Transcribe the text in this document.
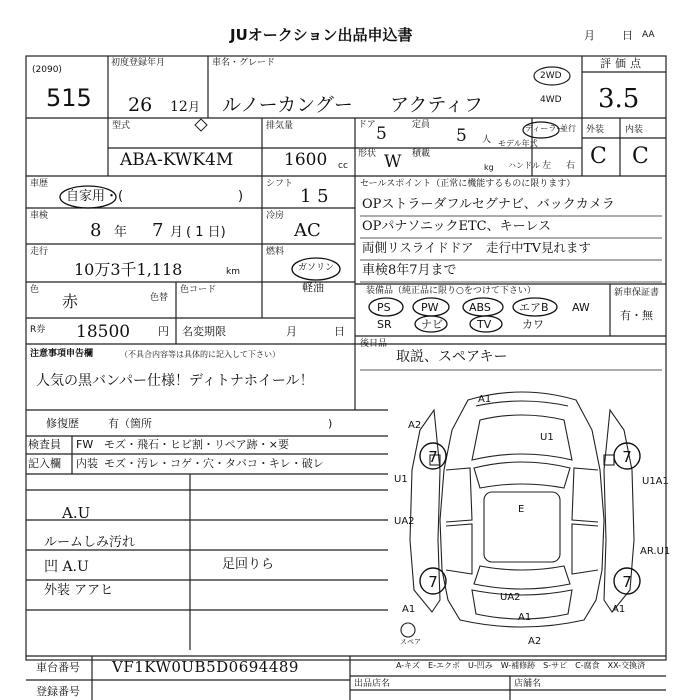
7	7
7	7
A1
A2
U1
U1	U1A1
UA2
E
AR.U1
A1	A1
UA2
A1
A2
スペア
JUオークション出品申込書	月 日 AA
(2090)
515
初度登録年月
26 12 月
車名・グレード
ルノーカングー アクティフ
2WD
4WD
評価点
3.5
型式
ABA-KWK4M
排気量
1600 cc
ドア 5	定員
5 人
ディーラー
並行
モデル年式
形状 W 積載
kg ハンドル 左 右
外装 内装
C C
車歴
自家用・(	)
シフト
1 5
車検
8 年 7 月 ( 1 日)
冷房
AC
走行
10万3千1,118	km
燃料
ガソリン
軽油
色
赤	色替
色コード
R券 18500	円 名変期限	月	日
セールスポイント（正常に機能するものに限ります）
OPストラーダフルセグナビ、バックカメラ
OPパナソニックETC、キーレス
両側リスライドドア　走行中TV見れます
車検8年7月まで
装備品（純正品に限り○をつけて下さい）
PS	PW	ABS	エアB AW
SR	ナビ	TV	カワ
新車保証書
有・無
後日品
取説、スペアキー
注意事項申告欄	（不具合内容等は具体的に記入して下さい）
人気の黒バンパー仕様！ディトナホイール！
修復歴	有（箇所	)
検査員
記入欄
FW モズ・飛石・ヒビ割・リペア跡・×要
内装 モズ・汚レ・コゲ・穴・タバコ・キレ・破レ
A.U
ルームしみ汚れ
凹 A.U
外装 アアヒ
足回りら
A-キズ　E-エクボ　U-凹み　W-補修跡　S-サビ　C-腐食　XX-交換済
車台番号 VF1KW0UB5D0694489
登録番号
出品店名	店舗名
